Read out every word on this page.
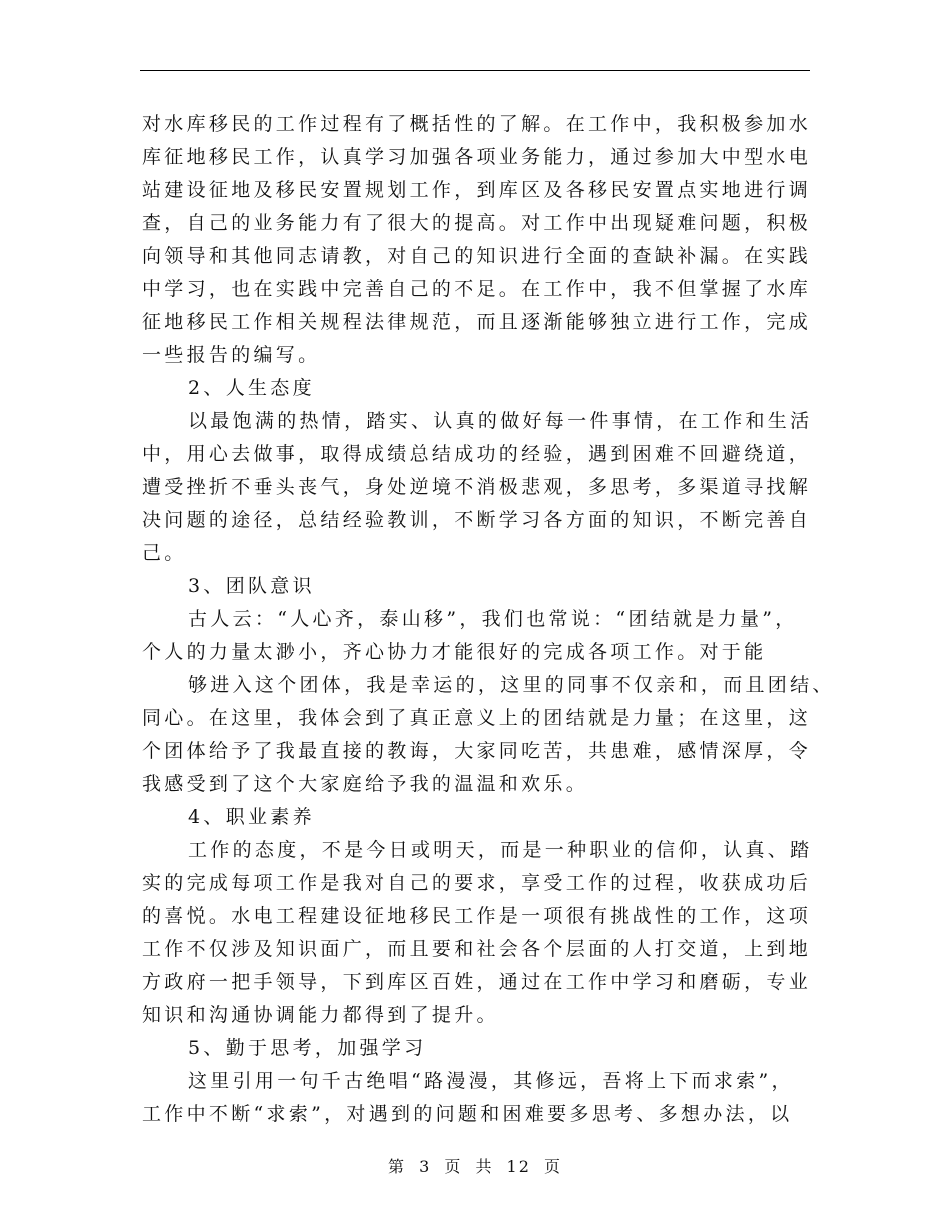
对水库移民的工作过程有了概括性的了解。在工作中，我积极参加水
库征地移民工作，认真学习加强各项业务能力，通过参加大中型水电
站建设征地及移民安置规划工作，到库区及各移民安置点实地进行调
查，自己的业务能力有了很大的提高。对工作中出现疑难问题，积极
向领导和其他同志请教，对自己的知识进行全面的查缺补漏。在实践
中学习，也在实践中完善自己的不足。在工作中，我不但掌握了水库
征地移民工作相关规程法律规范，而且逐渐能够独立进行工作，完成
一些报告的编写。
2、人生态度
以最饱满的热情，踏实、认真的做好每一件事情，在工作和生活
中，用心去做事，取得成绩总结成功的经验，遇到困难不回避绕道，
遭受挫折不垂头丧气，身处逆境不消极悲观，多思考，多渠道寻找解
决问题的途径，总结经验教训，不断学习各方面的知识，不断完善自
己。
3、团队意识
古人云：“人心齐，泰山移”，我们也常说：“团结就是力量”，
个人的力量太渺小，齐心协力才能很好的完成各项工作。对于能
够进入这个团体，我是幸运的，这里的同事不仅亲和，而且团结、
同心。在这里，我体会到了真正意义上的团结就是力量；在这里，这
个团体给予了我最直接的教诲，大家同吃苦，共患难，感情深厚，令
我感受到了这个大家庭给予我的温温和欢乐。
4、职业素养
工作的态度，不是今日或明天，而是一种职业的信仰，认真、踏
实的完成每项工作是我对自己的要求，享受工作的过程，收获成功后
的喜悦。水电工程建设征地移民工作是一项很有挑战性的工作，这项
工作不仅涉及知识面广，而且要和社会各个层面的人打交道，上到地
方政府一把手领导，下到库区百姓，通过在工作中学习和磨砺，专业
知识和沟通协调能力都得到了提升。
5、勤于思考，加强学习
这里引用一句千古绝唱“路漫漫，其修远，吾将上下而求索”，
工作中不断“求索”，对遇到的问题和困难要多思考、多想办法，以
第 3 页 共 12 页
